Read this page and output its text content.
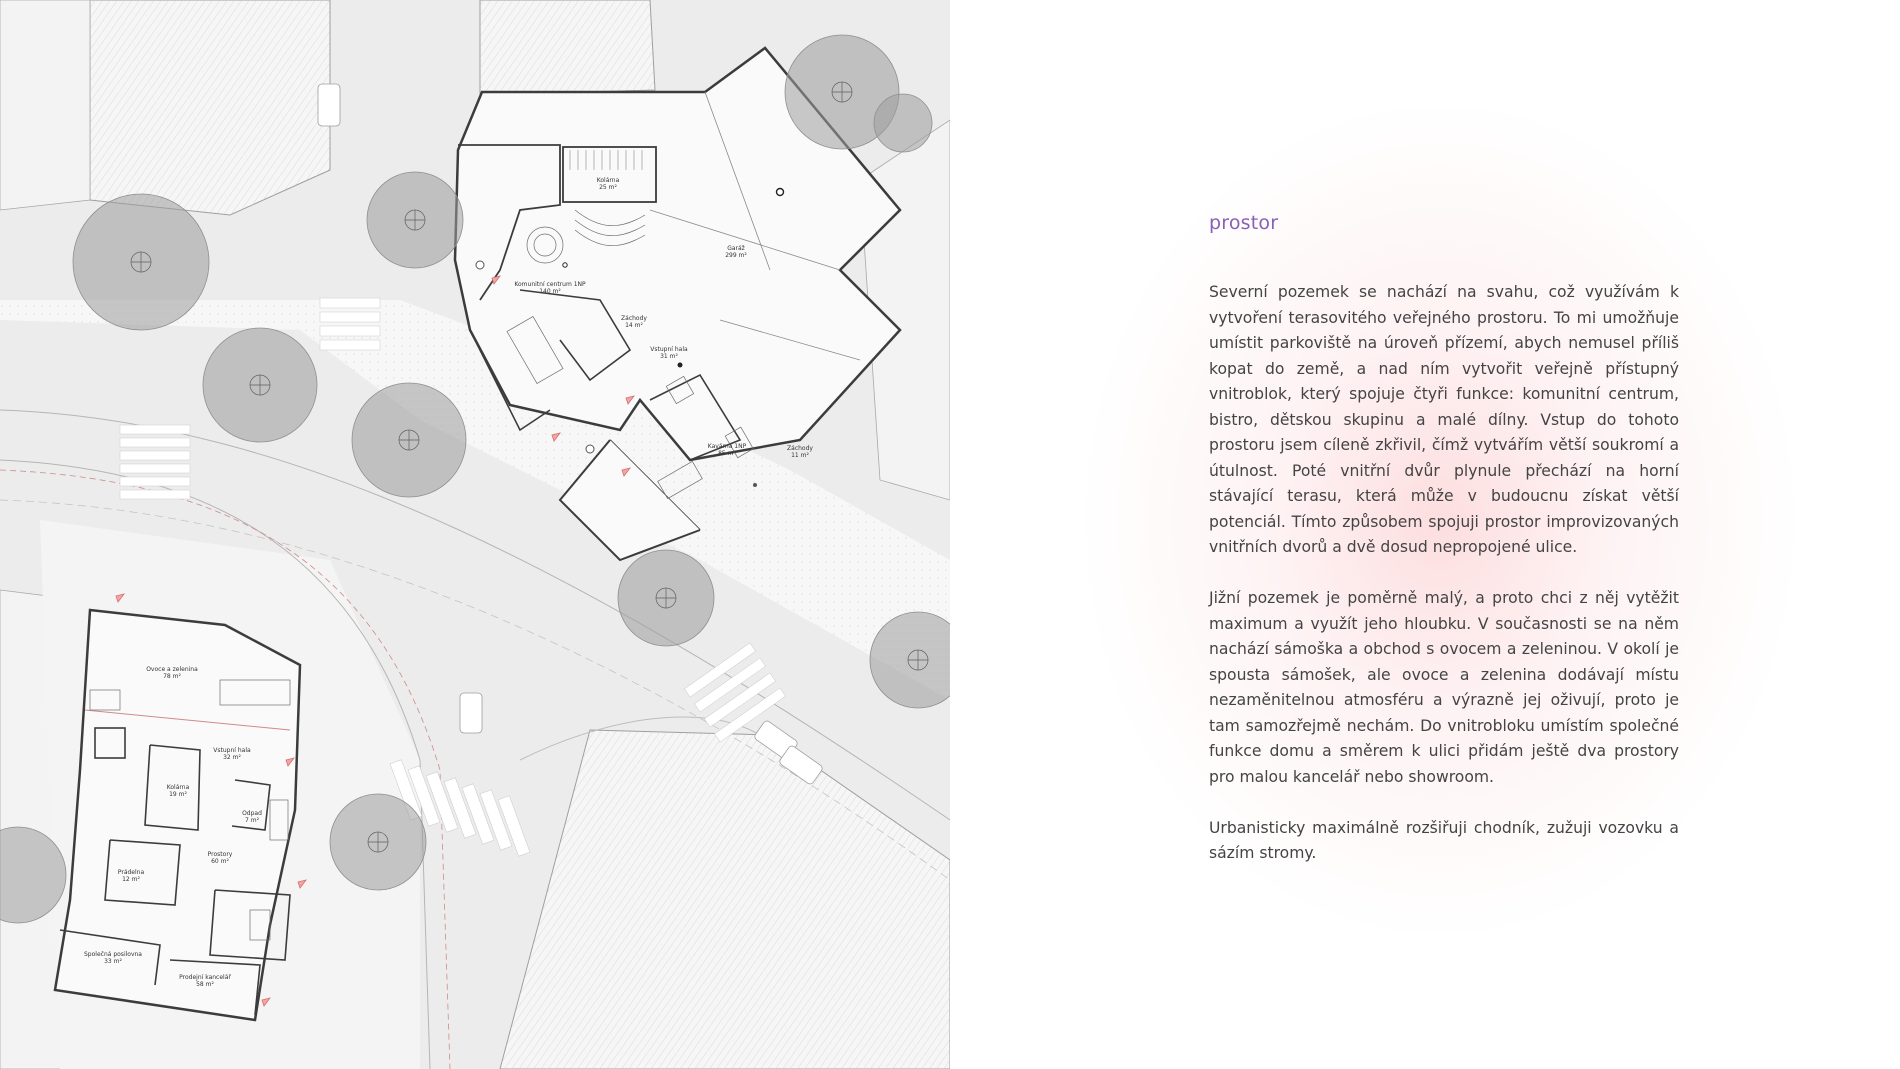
Kolárna 25 m²
Garáž 299 m²
Komunitní centrum 1NP 140 m²
Záchody 14 m²
Vstupní hala 31 m²
Kavárna 1NP 85 m²
Záchody 11 m²
Ovoce a zelenina 78 m²
Vstupní hala 32 m²
Kolárna 19 m²
Odpad 7 m²
Prostory 60 m²
Prádelna 12 m²
Společná posilovna 33 m²
Prodejní kancelář 58 m²
prostor

Severní pozemek se nachází na svahu, což využívám k vytvoření terasovitého veřejného prostoru. To mi umožňuje umístit parkoviště na úroveň přízemí, abych nemusel příliš kopat do země, a nad ním vytvořit veřejně přístupný vnitroblok, který spojuje čtyři funkce: komunitní centrum, bistro, dětskou skupinu a malé dílny. Vstup do tohoto prostoru jsem cíleně zkřivil, čímž vytvářím větší soukromí a útulnost. Poté vnitřní dvůr plynule přechází na horní stávající terasu, která může v budoucnu získat větší potenciál. Tímto způsobem spojuji prostor improvizovaných vnitřních dvorů a dvě dosud nepropojené ulice.

Jižní pozemek je poměrně malý, a proto chci z něj vytěžit maximum a využít jeho hloubku. V současnosti se na něm nachází sámoška a obchod s ovocem a zeleninou. V okolí je spousta sámošek, ale ovoce a zelenina dodávají místu nezaměnitelnou atmosféru a výrazně jej oživují, proto je tam samozřejmě nechám. Do vnitrobloku umístím společné funkce domu a směrem k ulici přidám ještě dva prostory pro malou kancelář nebo showroom.

Urbanisticky maximálně rozšiřuji chodník, zužuji vozovku a sázím stromy.
